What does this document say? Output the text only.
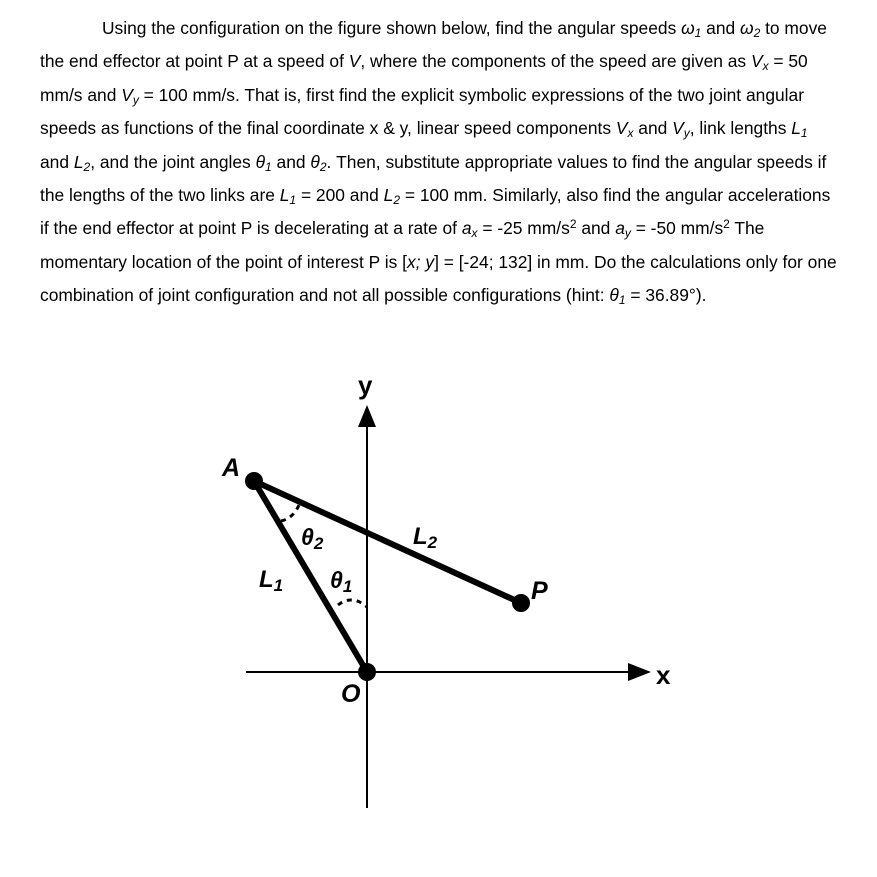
Using the configuration on the figure shown below, find the angular speeds $\omega_1$ and $\omega_2$ to move the end effector at point P at a speed of V, where the components of the speed are given as $V_x = 50$ mm/s and $V_y = 100$ mm/s. That is, first find the explicit symbolic expressions of the two joint angular speeds as functions of the final coordinate x & y, linear speed components $V_x$ and $V_y$, link lengths $L_1$ and $L_2$, and the joint angles $\theta_1$ and $\theta_2$. Then, substitute appropriate values to find the angular speeds if the lengths of the two links are $L_1 = 200$ and $L_2 = 100$ mm. Similarly, also find the angular accelerations if the end effector at point P is decelerating at a rate of $a_x = -25$ $mm/s^2$ and $a_y = -50$ $mm/s^2$ The momentary location of the point of interest P is [x; y] = [-24; 132] in mm. Do the calculations only for one combination of joint configuration and not all possible configurations (hint: $\theta_1 = 36.89^\circ$).

x
y
A
P
O
L1
L2
θ1
θ2
